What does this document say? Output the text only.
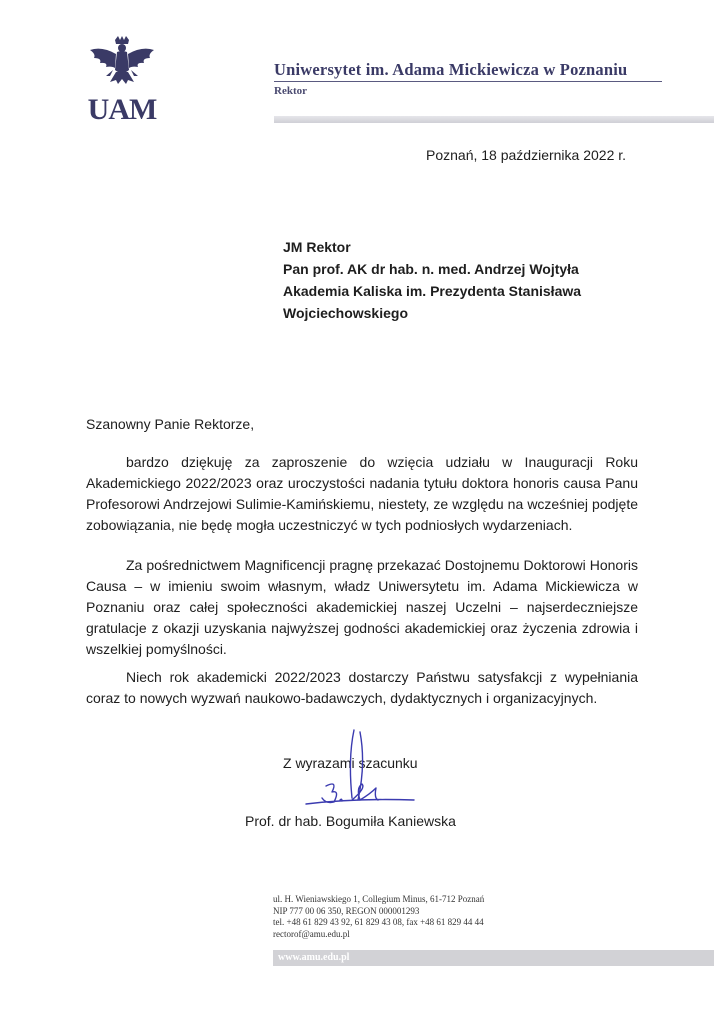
UAM
Uniwersytet im. Adama Mickiewicza w Poznaniu
Rektor
Poznań, 18 października 2022 r.
JM Rektor
Pan prof. AK dr hab. n. med. Andrzej Wojtyła
Akademia Kaliska im. Prezydenta Stanisława
Wojciechowskiego
Szanowny Panie Rektorze,
bardzo dziękuję za zaproszenie do wzięcia udziału w Inauguracji Roku Akademickiego 2022/2023 oraz uroczystości nadania tytułu doktora honoris causa Panu Profesorowi Andrzejowi Sulimie-Kamińskiemu, niestety, ze względu na wcześniej podjęte zobowiązania, nie będę mogła uczestniczyć w tych podniosłych wydarzeniach.
Za pośrednictwem Magnificencji pragnę przekazać Dostojnemu Doktorowi Honoris Causa – w imieniu swoim własnym, władz Uniwersytetu im. Adama Mickiewicza w Poznaniu oraz całej społeczności akademickiej naszej Uczelni – najserdeczniejsze gratulacje z okazji uzyskania najwyższej godności akademickiej oraz życzenia zdrowia i wszelkiej pomyślności.
Niech rok akademicki 2022/2023 dostarczy Państwu satysfakcji z wypełniania coraz to nowych wyzwań naukowo-badawczych, dydaktycznych i organizacyjnych.
Z wyrazami szacunku
Prof. dr hab. Bogumiła Kaniewska
ul. H. Wieniawskiego 1, Collegium Minus, 61-712 Poznań
NIP 777 00 06 350, REGON 000001293
tel. +48 61 829 43 92, 61 829 43 08, fax +48 61 829 44 44
rectorof@amu.edu.pl
www.amu.edu.pl
